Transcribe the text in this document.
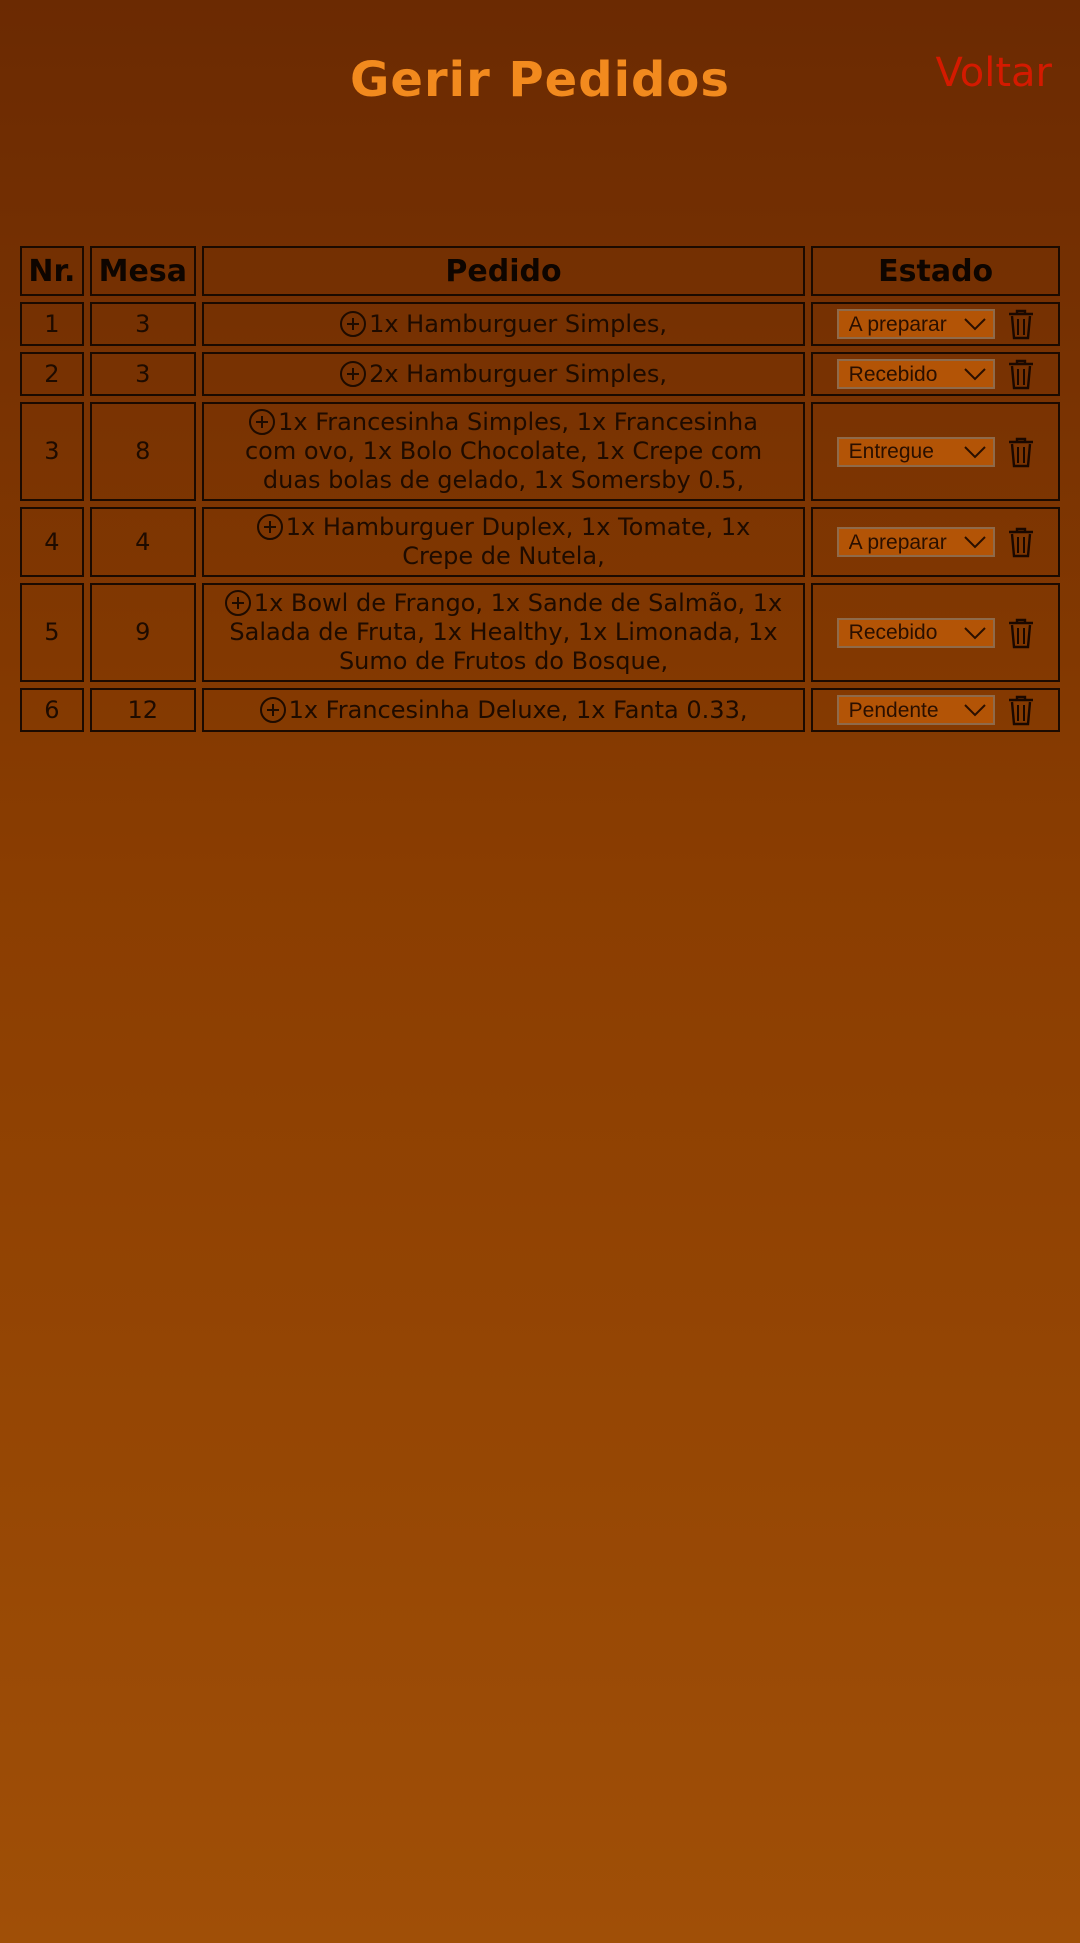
Gerir Pedidos	Voltar
Nr.	Mesa	Pedido	Estado
1	3	1x Hamburguer Simples,	A preparar

2	3	2x Hamburguer Simples,	Recebido

3	8	1x Francesinha Simples, 1x Francesinha com ovo, 1x Bolo Chocolate, 1x Crepe com duas bolas de gelado, 1x Somersby 0.5,	Entregue

4	4	1x Hamburguer Duplex, 1x Tomate, 1x Crepe de Nutela,	A preparar

5	9	1x Bowl de Frango, 1x Sande de Salmão, 1x Salada de Fruta, 1x Healthy, 1x Limonada, 1x Sumo de Frutos do Bosque,	Recebido

6	12	1x Francesinha Deluxe, 1x Fanta 0.33,	Pendente
